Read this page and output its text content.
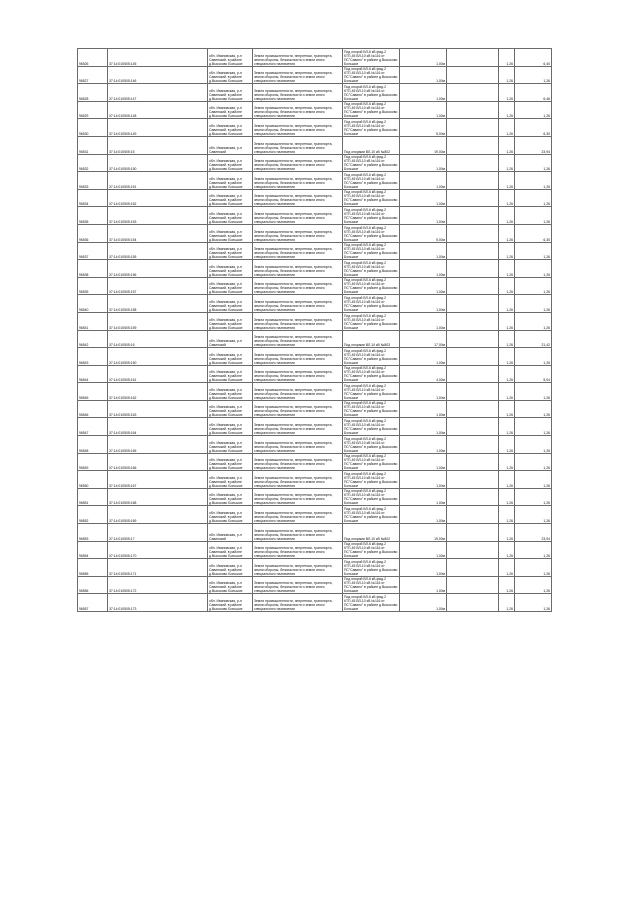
96526	37:14:010505:145	обл. Ивановская, р-н Савинский, в районе д.Высоково Большое	Земли промышленности, энергетики, транспорта, земли обороны, безопасности и земли иного специального назначения	Под опорой ВЛ-6 кВ фид.2 КТП-45 ВЛ-10 кВ №116 от ПС"Савино" в районе д.Высоково Большое	1,00м		1,26	6,40

96527	37:14:010505:146	обл. Ивановская, р-н Савинский, в районе д.Высоково Большое	Земли промышленности, энергетики, транспорта, земли обороны, безопасности и земли иного специального назначения	Под опорой ВЛ-6 кВ фид.2 КТП-45 ВЛ-10 кВ №116 от ПС"Савино" в районе д.Высоково Большое	1,00м		1,26	1,26

96528	37:14:010505:147	обл. Ивановская, р-н Савинский, в районе д.Высоково Большое	Земли промышленности, энергетики, транспорта, земли обороны, безопасности и земли иного специального назначения	Под опорой ВЛ-6 кВ фид.2 КТП-45 ВЛ-10 кВ №116 от ПС"Савино" в районе д.Высоково Большое	1,00м		1,26	6,46

96529	37:14:010505:148	обл. Ивановская, р-н Савинский, в районе д.Высоково Большое	Земли промышленности, энергетики, транспорта, земли обороны, безопасности и земли иного специального назначения	Под опорой ВЛ-6 кВ фид.2 КТП-45 ВЛ-10 кВ №116 от ПС"Савино" в районе д.Высоково Большое	1,00м		1,26	1,26

96530	37:14:010505:149	обл. Ивановская, р-н Савинский, в районе д.Высоково Большое	Земли промышленности, энергетики, транспорта, земли обороны, безопасности и земли иного специального назначения	Под опорой ВЛ-6 кВ фид.2 КТП-45 ВЛ-10 кВ №116 от ПС"Савино" в районе д.Высоково Большое	5,00м		1,26	6,30

96531	37:14:010505:15	обл. Ивановская, р-н Савинский	Земли промышленности, энергетики, транспорта, земли обороны, безопасности и земли иного специального назначения	Под опорами ВЛ-10 кВ №802	19,00м		1,26	23,94

96532	37:14:010505:150	обл. Ивановская, р-н Савинский, в районе д.Высоково Большое	Земли промышленности, энергетики, транспорта, земли обороны, безопасности и земли иного специального назначения	Под опорой ВЛ-6 кВ фид.2 КТП-45 ВЛ-10 кВ №116 от ПС"Савино" в районе д.Высоково Большое	1,00м		1,26	1,26

96533	37:14:010505:151	обл. Ивановская, р-н Савинский, в районе д.Высоково Большое	Земли промышленности, энергетики, транспорта, земли обороны, безопасности и земли иного специального назначения	Под опорой ВЛ-6 кВ фид.2 КТП-45 ВЛ-10 кВ №116 от ПС"Савино" в районе д.Высоково Большое	1,00м		1,26	1,26

96534	37:14:010505:152	обл. Ивановская, р-н Савинский, в районе д.Высоково Большое	Земли промышленности, энергетики, транспорта, земли обороны, безопасности и земли иного специального назначения	Под опорой ВЛ-6 кВ фид.2 КТП-45 ВЛ-10 кВ №116 от ПС"Савино" в районе д.Высоково Большое	1,00м		1,26	1,26

96535	37:14:010505:153	обл. Ивановская, р-н Савинский, в районе д.Высоково Большое	Земли промышленности, энергетики, транспорта, земли обороны, безопасности и земли иного специального назначения	Под опорой ВЛ-6 кВ фид.2 КТП-45 ВЛ-10 кВ №116 от ПС"Савино" в районе д.Высоково Большое	1,00м		1,26	1,26

96536	37:14:010505:154	обл. Ивановская, р-н Савинский, в районе д.Высоково Большое	Земли промышленности, энергетики, транспорта, земли обороны, безопасности и земли иного специального назначения	Под опорой ВЛ-6 кВ фид.2 КТП-45 ВЛ-10 кВ №116 от ПС"Савино" в районе д.Высоково Большое	5,00м		1,26	6,30

96537	37:14:010505:155	обл. Ивановская, р-н Савинский, в районе д.Высоково Большое	Земли промышленности, энергетики, транспорта, земли обороны, безопасности и земли иного специального назначения	Под опорой ВЛ-6 кВ фид.2 КТП-45 ВЛ-10 кВ №116 от ПС"Савино" в районе д.Высоково Большое	1,00м		1,26	1,26

96538	37:14:010505:156	обл. Ивановская, р-н Савинский, в районе д.Высоково Большое	Земли промышленности, энергетики, транспорта, земли обороны, безопасности и земли иного специального назначения	Под опорой ВЛ-6 кВ фид.2 КТП-45 ВЛ-10 кВ №116 от ПС"Савино" в районе д.Высоково Большое	1,00м		1,26	1,26

96539	37:14:010505:157	обл. Ивановская, р-н Савинский, в районе д.Высоково Большое	Земли промышленности, энергетики, транспорта, земли обороны, безопасности и земли иного специального назначения	Под опорой ВЛ-6 кВ фид.2 КТП-45 ВЛ-10 кВ №116 от ПС"Савино" в районе д.Высоково Большое	1,00м		1,26	1,26

96540	37:14:010505:158	обл. Ивановская, р-н Савинский, в районе д.Высоково Большое	Земли промышленности, энергетики, транспорта, земли обороны, безопасности и земли иного специального назначения	Под опорой ВЛ-6 кВ фид.2 КТП-45 ВЛ-10 кВ №116 от ПС"Савино" в районе д.Высоково Большое	1,00м		1,26	1,26

96541	37:14:010505:159	обл. Ивановская, р-н Савинский, в районе д.Высоково Большое	Земли промышленности, энергетики, транспорта, земли обороны, безопасности и земли иного специального назначения	Под опорой ВЛ-6 кВ фид.2 КТП-45 ВЛ-10 кВ №116 от ПС"Савино" в районе д.Высоково Большое	1,00м		1,26	1,26

96542	37:14:010505:16	обл. Ивановская, р-н Савинский	Земли промышленности, энергетики, транспорта, земли обороны, безопасности и земли иного специального назначения	Под опорами ВЛ-10 кВ №803	17,00м		1,26	21,42

96543	37:14:010505:160	обл. Ивановская, р-н Савинский, в районе д.Высоково Большое	Земли промышленности, энергетики, транспорта, земли обороны, безопасности и земли иного специального назначения	Под опорой ВЛ-6 кВ фид.2 КТП-45 ВЛ-10 кВ №116 от ПС"Савино" в районе д.Высоково Большое	1,00м		1,26	1,26

96544	37:14:010505:161	обл. Ивановская, р-н Савинский, в районе д.Высоково Большое	Земли промышленности, энергетики, транспорта, земли обороны, безопасности и земли иного специального назначения	Под опорой ВЛ-6 кВ фид.2 КТП-45 ВЛ-10 кВ №116 от ПС"Савино" в районе д.Высоково Большое	4,00м		1,26	5,04

96545	37:14:010505:162	обл. Ивановская, р-н Савинский, в районе д.Высоково Большое	Земли промышленности, энергетики, транспорта, земли обороны, безопасности и земли иного специального назначения	Под опорой ВЛ-6 кВ фид.2 КТП-45 ВЛ-10 кВ №116 от ПС"Савино" в районе д.Высоково Большое	1,00м		1,26	1,26

96546	37:14:010505:163	обл. Ивановская, р-н Савинский, в районе д.Высоково Большое	Земли промышленности, энергетики, транспорта, земли обороны, безопасности и земли иного специального назначения	Под опорой ВЛ-6 кВ фид.2 КТП-45 ВЛ-10 кВ №116 от ПС"Савино" в районе д.Высоково Большое	1,00м		1,26	1,26

96547	37:14:010505:164	обл. Ивановская, р-н Савинский, в районе д.Высоково Большое	Земли промышленности, энергетики, транспорта, земли обороны, безопасности и земли иного специального назначения	Под опорой ВЛ-6 кВ фид.2 КТП-45 ВЛ-10 кВ №116 от ПС"Савино" в районе д.Высоково Большое	1,00м		1,26	1,26

96548	37:14:010505:165	обл. Ивановская, р-н Савинский, в районе д.Высоково Большое	Земли промышленности, энергетики, транспорта, земли обороны, безопасности и земли иного специального назначения	Под опорой ВЛ-6 кВ фид.2 КТП-45 ВЛ-10 кВ №116 от ПС"Савино" в районе д.Высоково Большое	1,00м		1,26	1,26

96549	37:14:010505:166	обл. Ивановская, р-н Савинский, в районе д.Высоково Большое	Земли промышленности, энергетики, транспорта, земли обороны, безопасности и земли иного специального назначения	Под опорой ВЛ-6 кВ фид.2 КТП-45 ВЛ-10 кВ №116 от ПС"Савино" в районе д.Высоково Большое	1,00м		1,26	1,26

96550	37:14:010505:167	обл. Ивановская, р-н Савинский, в районе д.Высоково Большое	Земли промышленности, энергетики, транспорта, земли обороны, безопасности и земли иного специального назначения	Под опорой ВЛ-6 кВ фид.2 КТП-45 ВЛ-10 кВ №116 от ПС"Савино" в районе д.Высоково Большое	1,00м		1,26	1,26

96551	37:14:010505:168	обл. Ивановская, р-н Савинский, в районе д.Высоково Большое	Земли промышленности, энергетики, транспорта, земли обороны, безопасности и земли иного специального назначения	Под опорой ВЛ-6 кВ фид.2 КТП-45 ВЛ-10 кВ №116 от ПС"Савино" в районе д.Высоково Большое	1,00м		1,26	1,26

96552	37:14:010505:169	обл. Ивановская, р-н Савинский, в районе д.Высоково Большое	Земли промышленности, энергетики, транспорта, земли обороны, безопасности и земли иного специального назначения	Под опорой ВЛ-6 кВ фид.2 КТП-45 ВЛ-10 кВ №116 от ПС"Савино" в районе д.Высоково Большое	1,00м		1,26	1,26

96553	37:14:010505:17	обл. Ивановская, р-н Савинский	Земли промышленности, энергетики, транспорта, земли обороны, безопасности и земли иного специального назначения	Под опорами ВЛ-10 кВ №802	19,00м		1,26	23,94

96554	37:14:010505:170	обл. Ивановская, р-н Савинский, в районе д.Высоково Большое	Земли промышленности, энергетики, транспорта, земли обороны, безопасности и земли иного специального назначения	Под опорой ВЛ-6 кВ фид.2 КТП-45 ВЛ-10 кВ №116 от ПС"Савино" в районе д.Высоково Большое	1,00м		1,26	1,26

96555	37:14:010505:171	обл. Ивановская, р-н Савинский, в районе д.Высоково Большое	Земли промышленности, энергетики, транспорта, земли обороны, безопасности и земли иного специального назначения	Под опорой ВЛ-6 кВ фид.2 КТП-45 ВЛ-10 кВ №116 от ПС"Савино" в районе д.Высоково Большое	1,00м		1,26	1,26

96556	37:14:010505:172	обл. Ивановская, р-н Савинский, в районе д.Высоково Большое	Земли промышленности, энергетики, транспорта, земли обороны, безопасности и земли иного специального назначения	Под опорой ВЛ-6 кВ фид.2 КТП-45 ВЛ-10 кВ №116 от ПС"Савино" в районе д.Высоково Большое	1,00м		1,26	1,26

96557	37:14:010505:173	обл. Ивановская, р-н Савинский, в районе д.Высоково Большое	Земли промышленности, энергетики, транспорта, земли обороны, безопасности и земли иного специального назначения	Под опорой ВЛ-6 кВ фид.2 КТП-45 ВЛ-10 кВ №116 от ПС"Савино" в районе д.Высоково Большое	1,00м		1,26	1,26
